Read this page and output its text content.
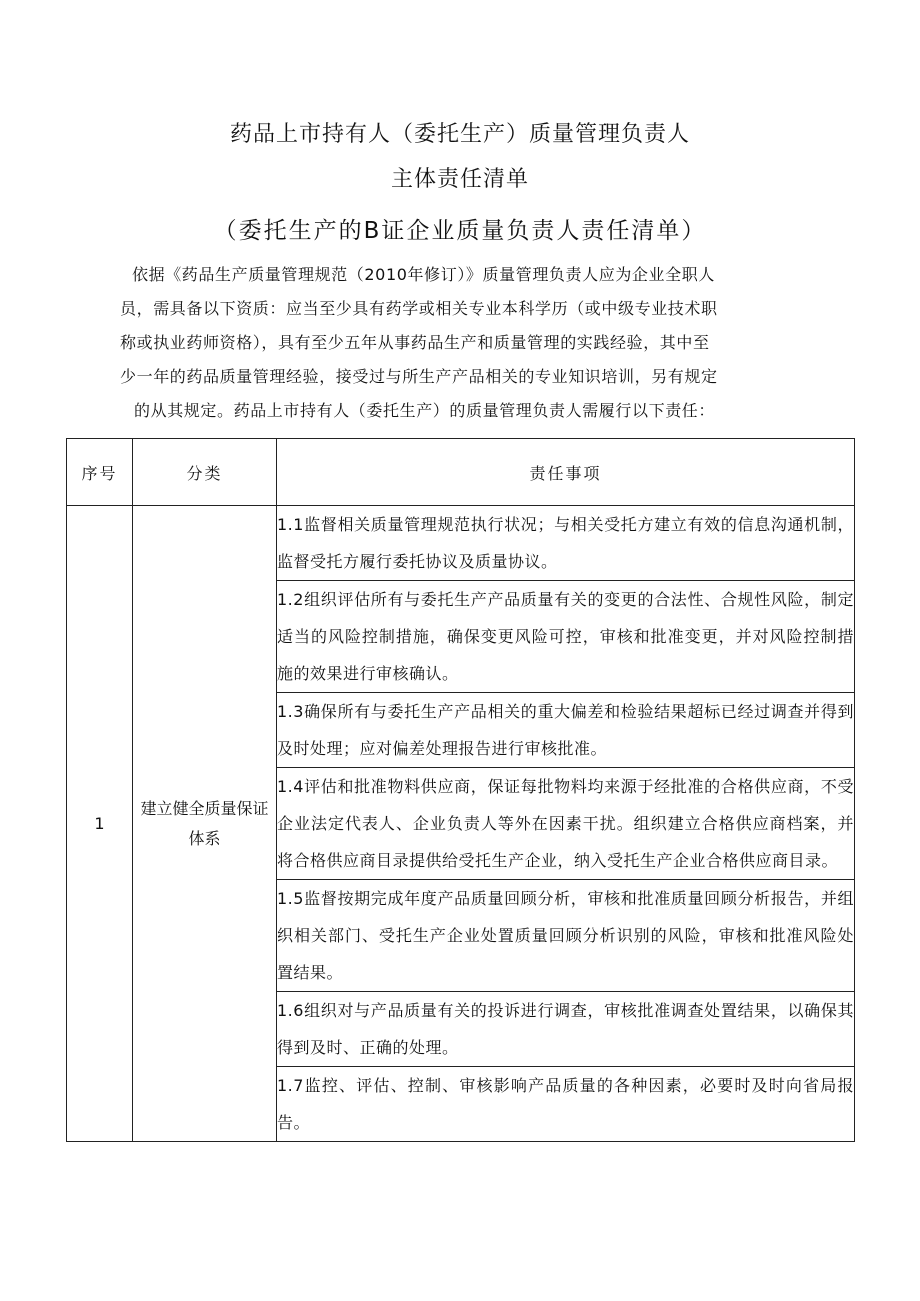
药品上市持有人（委托生产）质量管理负责人
主体责任清单
（委托生产的B证企业质量负责人责任清单）

依据《药品生产质量管理规范（2010年修订）》质量管理负责人应为企业全职人

员，需具备以下资质：应当至少具有药学或相关专业本科学历（或中级专业技术职

称或执业药师资格），具有至少五年从事药品生产和质量管理的实践经验，其中至

少一年的药品质量管理经验，接受过与所生产产品相关的专业知识培训，另有规定

的从其规定。药品上市持有人（委托生产）的质量管理负责人需履行以下责任：

序号	分类	责任事项
1	建立健全质量保证体系	1.1监督相关质量管理规范执行状况；与相关受托方建立有效的信息沟通机制，监督受托方履行委托协议及质量协议。
		1.2组织评估所有与委托生产产品质量有关的变更的合法性、合规性风险，制定适当的风险控制措施，确保变更风险可控，审核和批准变更，并对风险控制措施的效果进行审核确认。
		1.3确保所有与委托生产产品相关的重大偏差和检验结果超标已经过调查并得到及时处理；应对偏差处理报告进行审核批准。
		1.4评估和批准物料供应商，保证每批物料均来源于经批准的合格供应商，不受企业法定代表人、企业负责人等外在因素干扰。组织建立合格供应商档案，并将合格供应商目录提供给受托生产企业，纳入受托生产企业合格供应商目录。
		1.5监督按期完成年度产品质量回顾分析，审核和批准质量回顾分析报告，并组织相关部门、受托生产企业处置质量回顾分析识别的风险，审核和批准风险处置结果。
		1.6组织对与产品质量有关的投诉进行调查，审核批准调查处置结果，以确保其得到及时、正确的处理。
		1.7监控、评估、控制、审核影响产品质量的各种因素，必要时及时向省局报告。
